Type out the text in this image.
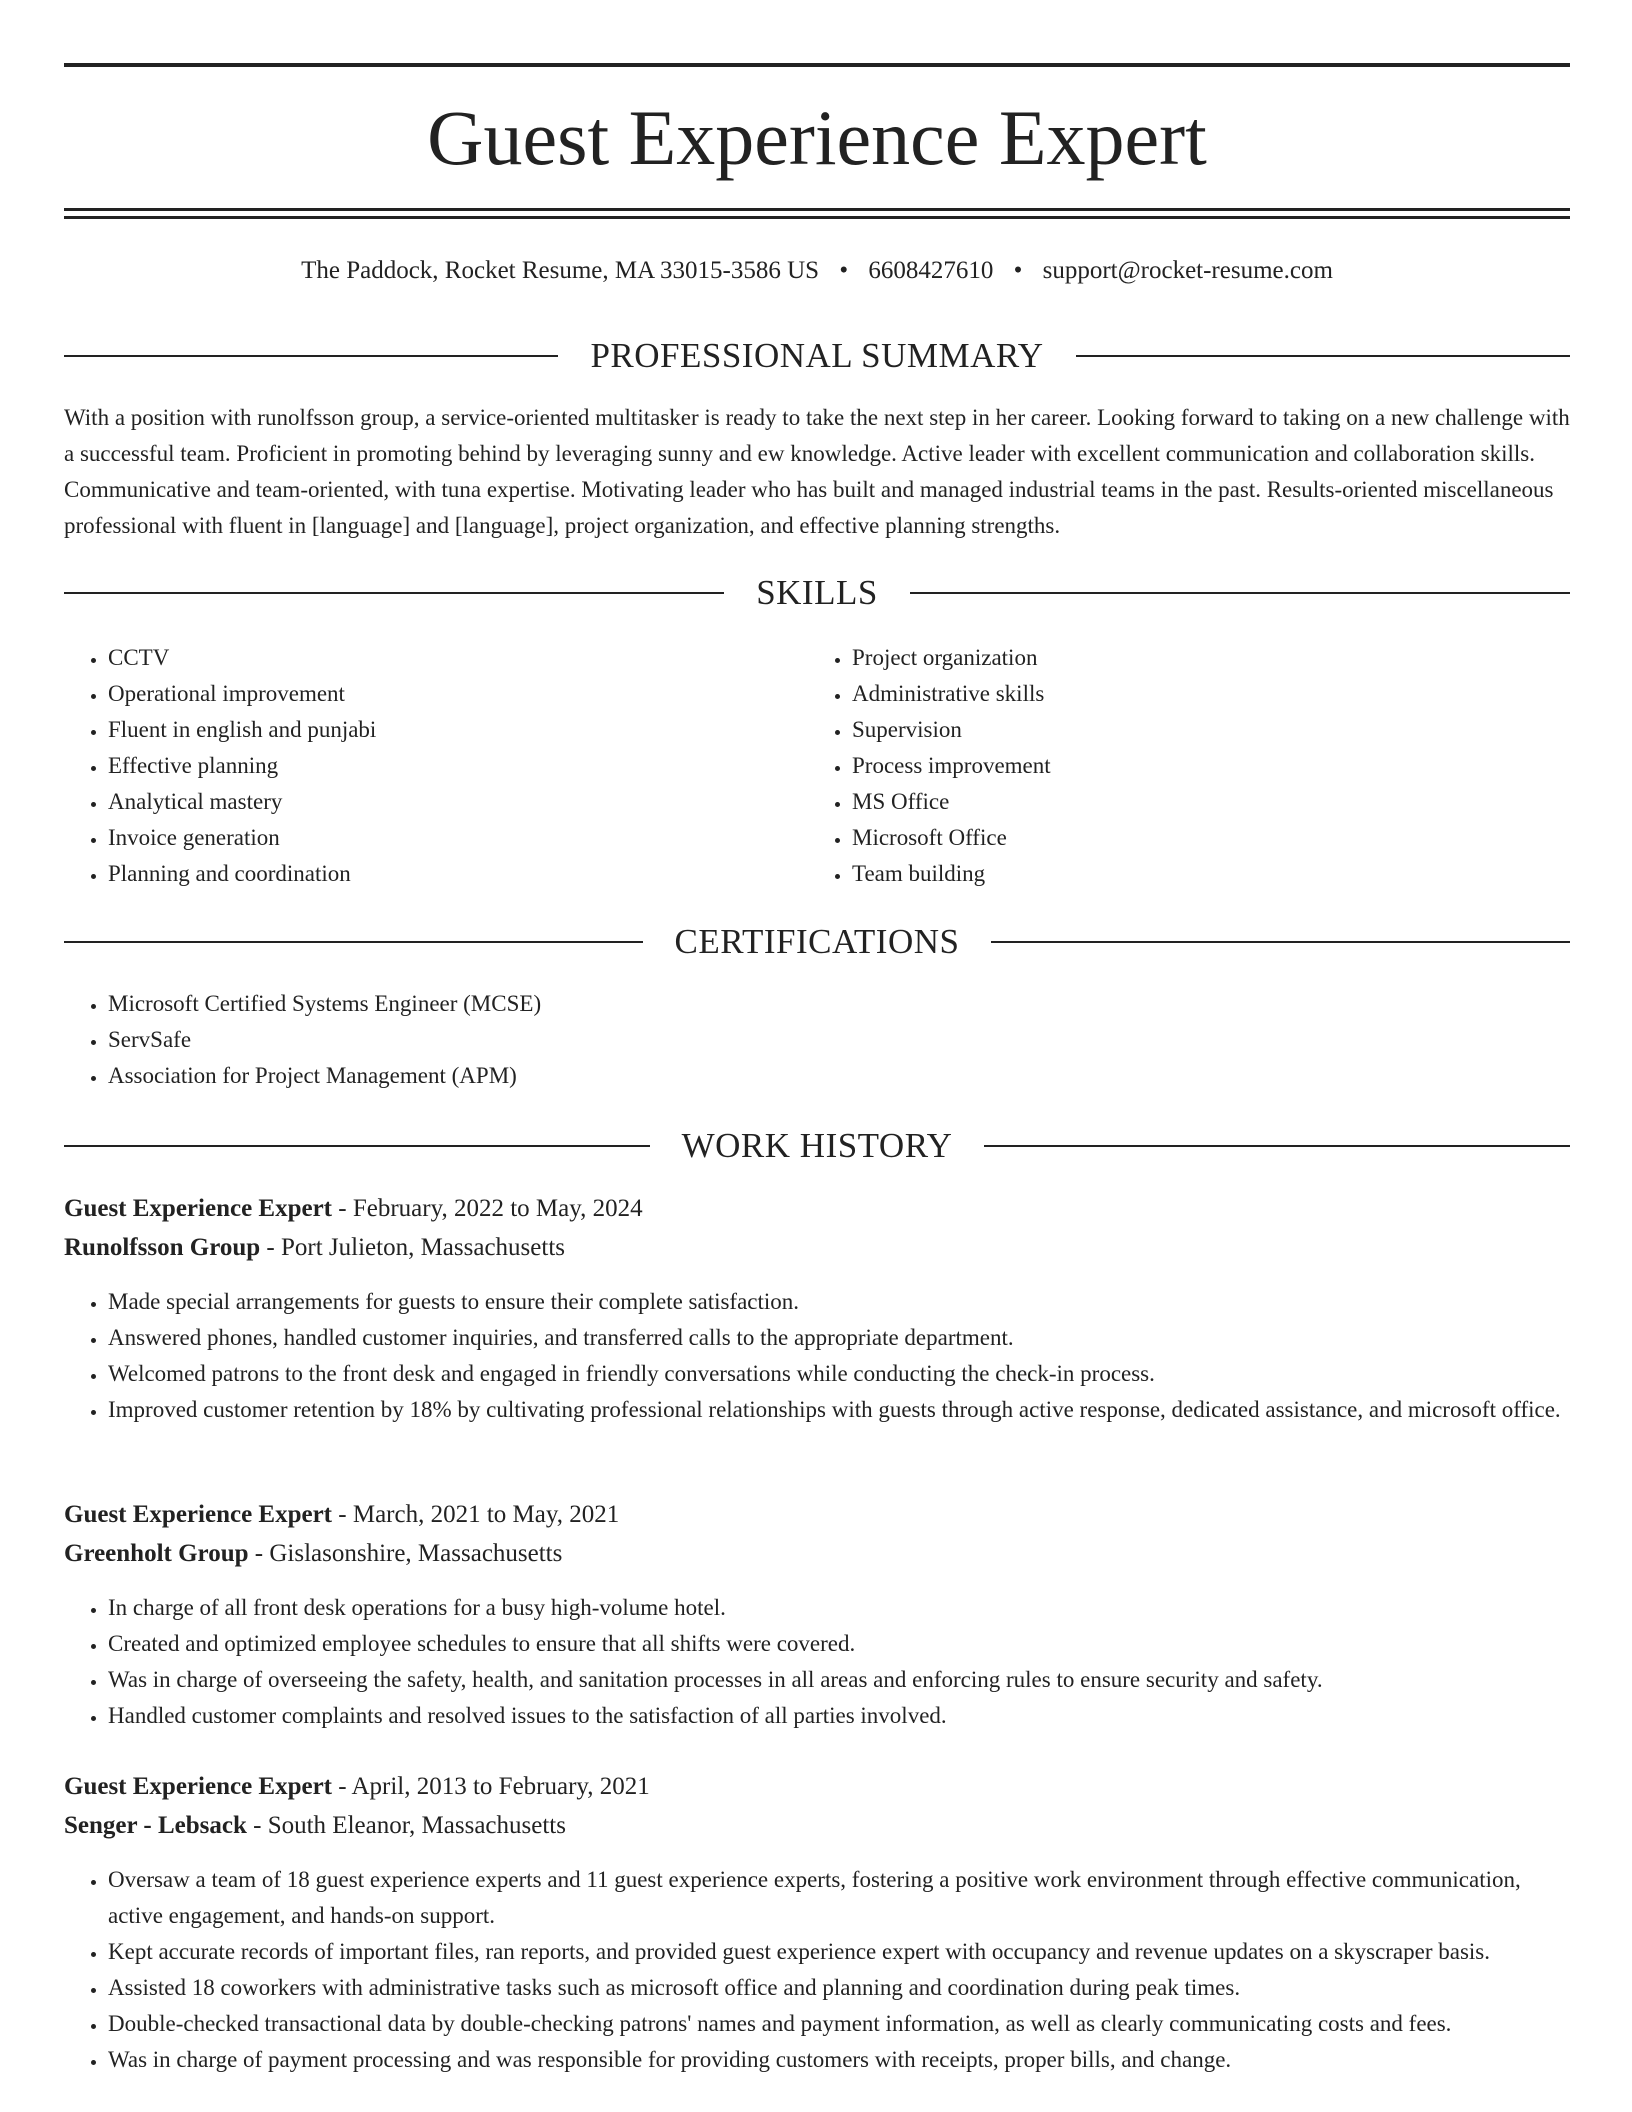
Guest Experience Expert
The Paddock, Rocket Resume, MA 33015-3586 US • 6608427610 • support@rocket-resume.com
PROFESSIONAL SUMMARY

With a position with runolfsson group, a service-oriented multitasker is ready to take the next step in her career. Looking forward to taking on a new challenge with a successful team. Proficient in promoting behind by leveraging sunny and ew knowledge. Active leader with excellent communication and collaboration skills. Communicative and team-oriented, with tuna expertise. Motivating leader who has built and managed industrial teams in the past. Results-oriented miscellaneous professional with fluent in [language] and [language], project organization, and effective planning strengths.

SKILLS
• CCTV
• Operational improvement
• Fluent in english and punjabi
• Effective planning
• Analytical mastery
• Invoice generation
• Planning and coordination
• Project organization
• Administrative skills
• Supervision
• Process improvement
• MS Office
• Microsoft Office
• Team building
CERTIFICATIONS
• Microsoft Certified Systems Engineer (MCSE)
• ServSafe
• Association for Project Management (APM)
WORK HISTORY
Guest Experience Expert - February, 2022 to May, 2024
Runolfsson Group - Port Julieton, Massachusetts
• Made special arrangements for guests to ensure their complete satisfaction.
• Answered phones, handled customer inquiries, and transferred calls to the appropriate department.
• Welcomed patrons to the front desk and engaged in friendly conversations while conducting the check-in process.
• Improved customer retention by 18% by cultivating professional relationships with guests through active response, dedicated assistance, and microsoft office.
Guest Experience Expert - March, 2021 to May, 2021
Greenholt Group - Gislasonshire, Massachusetts
• In charge of all front desk operations for a busy high-volume hotel.
• Created and optimized employee schedules to ensure that all shifts were covered.
• Was in charge of overseeing the safety, health, and sanitation processes in all areas and enforcing rules to ensure security and safety.
• Handled customer complaints and resolved issues to the satisfaction of all parties involved.
Guest Experience Expert - April, 2013 to February, 2021
Senger - Lebsack - South Eleanor, Massachusetts
• Oversaw a team of 18 guest experience experts and 11 guest experience experts, fostering a positive work environment through effective communication, active engagement, and hands-on support.
• Kept accurate records of important files, ran reports, and provided guest experience expert with occupancy and revenue updates on a skyscraper basis.
• Assisted 18 coworkers with administrative tasks such as microsoft office and planning and coordination during peak times.
• Double-checked transactional data by double-checking patrons' names and payment information, as well as clearly communicating costs and fees.
• Was in charge of payment processing and was responsible for providing customers with receipts, proper bills, and change.
